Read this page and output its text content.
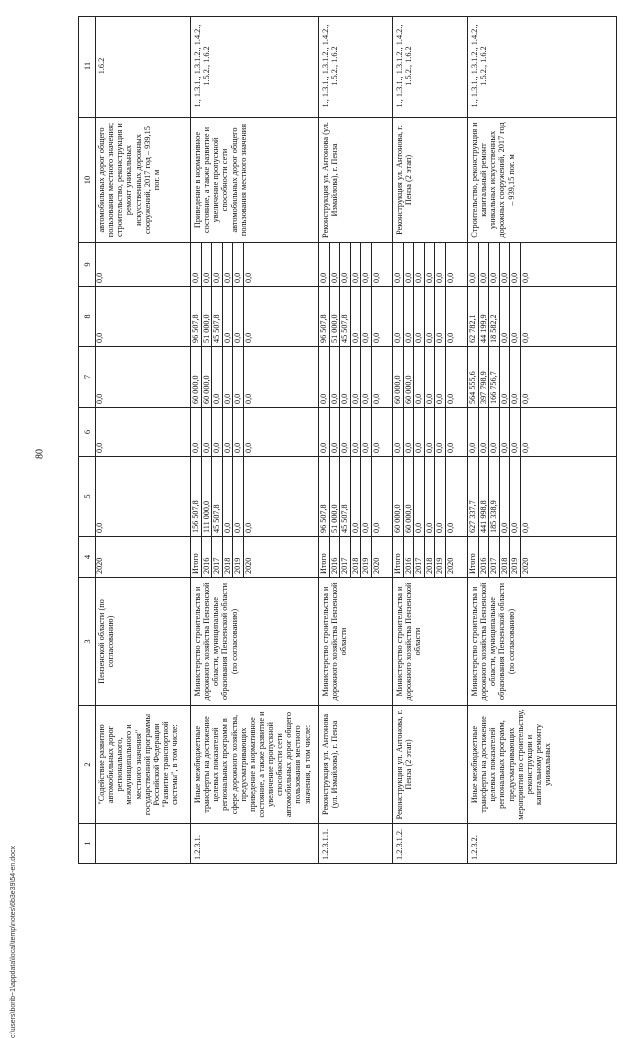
80
1
2
3
4
5
6
7
8
9
10
11
"Содействие развитию автомобильных дорог регионального, межмуниципального и местного значения" государственной программы Российской Федерации "Развитие транспортной системы", в том числе:
Пензенской области (по согласованию)
2020
0,0
0,0
0,0
0,0
0,0
автомобильных дорог общего пользования местного значения; строительство, реконструкция и ремонт уникальных искусственных дорожных сооружений, 2017 год – 939,15 пог. м
1.6.2
1.2.3.1.
Иные межбюджетные трансферты на достижение целевых показателей региональных программ в сфере дорожного хозяйства, предусматривающих приведение в нормативное состояние, а также развитие и увеличение пропускной способности сети автомобильных дорог общего пользования местного значения, в том числе:
Министерство строительства и дорожного хозяйства Пензенской области, муниципальные образования Пензенской области (по согласованию)
Итого 2016 2017 2018 2019 2020
156 507,8 111 000,0 45 507,8 0,0 0,0 0,0
0,0 0,0 0,0 0,0 0,0 0,0
60 000,0 60 000,0 0,0 0,0 0,0 0,0
96 507,8 51 000,0 45 507,8 0,0 0,0 0,0
0,0 0,0 0,0 0,0 0,0 0,0
Приведение в нормативное состояние, а также развитие и увеличение пропускной способности сети автомобильных дорог общего пользования местного значения
1., 1.3.1., 1.3.1.2., 1.4.2., 1.5.2., 1.6.2
1.2.3.1.1.
Реконструкция ул. Антонова (ул. Измайлова), г. Пенза
Министерство строительства и дорожного хозяйства Пензенской области
Итого 2016 2017 2018 2019 2020
96 507,8 51 000,0 45 507,8 0,0 0,0 0,0
0,0 0,0 0,0 0,0 0,0 0,0
0,0 0,0 0,0 0,0 0,0 0,0
96 507,8 51 000,0 45 507,8 0,0 0,0 0,0
0,0 0,0 0,0 0,0 0,0 0,0
Реконструкция ул. Антонова (ул. Измайлова), г. Пенза
1., 1.3.1., 1.3.1.2., 1.4.2., 1.5.2., 1.6.2
1.2.3.1.2.
Реконструкция ул. Антонова, г. Пенза (2 этап)
Министерство строительства и дорожного хозяйства Пензенской области
Итого 2016 2017 2018 2019 2020
60 000,0 60 000,0 0,0 0,0 0,0 0,0
0,0 0,0 0,0 0,0 0,0 0,0
60 000,0 60 000,0 0,0 0,0 0,0 0,0
0,0 0,0 0,0 0,0 0,0 0,0
0,0 0,0 0,0 0,0 0,0 0,0
Реконструкция ул. Антонова, г. Пенза (2 этап)
1., 1.3.1., 1.3.1.2., 1.4.2., 1.5.2., 1.6.2
1.2.3.2.
Иные межбюджетные трансферты на достижение целевых показателей региональных программ, предусматривающих мероприятия по строительству, реконструкции и капитальному ремонту уникальных
Министерство строительства и дорожного хозяйства Пензенской области, муниципальные образования Пензенской области (по согласованию)
Итого 2016 2017 2018 2019 2020
627 337,7 441 998,8 185 338,9 0,0 0,0 0,0
0,0 0,0 0,0 0,0 0,0 0,0
564 555,6 397 798,9 166 756,7 0,0 0,0 0,0
62 782,1 44 199,9 18 582,2 0,0 0,0 0,0
0,0 0,0 0,0 0,0 0,0 0,0
Строительство, реконструкция и капитальный ремонт уникальных искусственных дорожных сооружений, 2017 год – 939,15 пог. м
1., 1.3.1., 1.3.1.2., 1.4.2., 1.5.2., 1.6.2
c:\users\borib~1\appdata\local\temp\notes\6b3e39\54-en.docx
